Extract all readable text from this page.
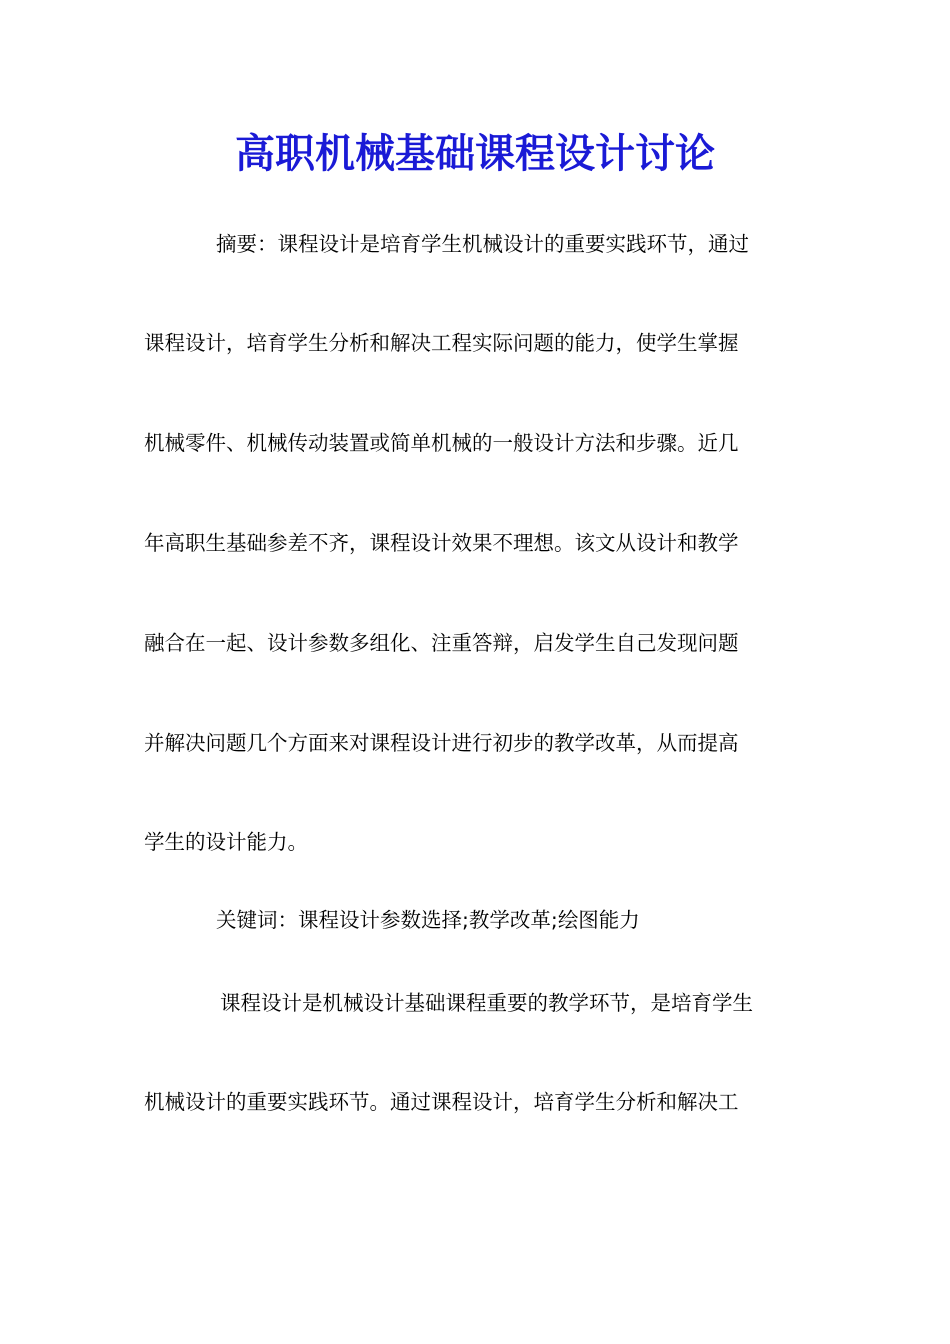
高职机械基础课程设计讨论
摘要：课程设计是培育学生机械设计的重要实践环节，通过
课程设计，培育学生分析和解决工程实际问题的能力，使学生掌握
机械零件、机械传动装置或简单机械的一般设计方法和步骤。近几
年高职生基础参差不齐，课程设计效果不理想。该文从设计和教学
融合在一起、设计参数多组化、注重答辩，启发学生自己发现问题
并解决问题几个方面来对课程设计进行初步的教学改革，从而提高
学生的设计能力。
关键词：课程设计参数选择;教学改革;绘图能力
课程设计是机械设计基础课程重要的教学环节，是培育学生
机械设计的重要实践环节。通过课程设计，培育学生分析和解决工
